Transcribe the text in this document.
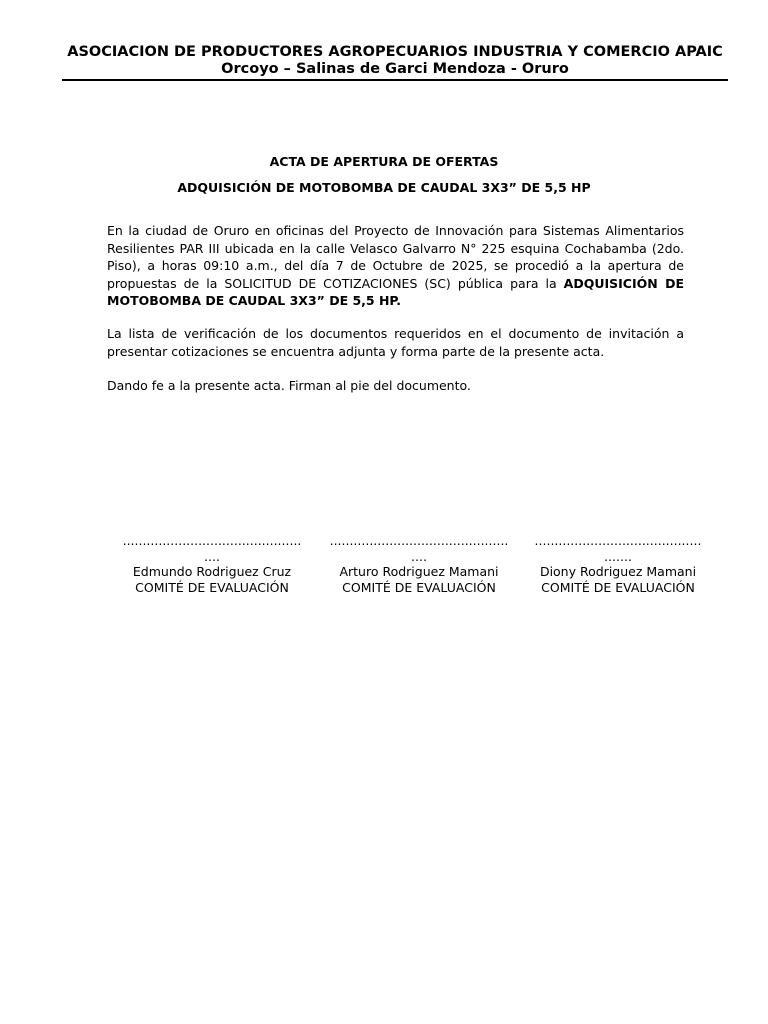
ASOCIACION DE PRODUCTORES AGROPECUARIOS INDUSTRIA Y COMERCIO APAIC
Orcoyo – Salinas de Garci Mendoza - Oruro
ACTA DE APERTURA DE OFERTAS
ADQUISICIÓN DE MOTOBOMBA DE CAUDAL 3X3” DE 5,5 HP

En la ciudad de Oruro en oficinas del Proyecto de Innovación para Sistemas Alimentarios Resilientes PAR III ubicada en la calle Velasco Galvarro N° 225 esquina Cochabamba (2do. Piso), a horas 09:10 a.m., del día 7 de Octubre de 2025, se procedió a la apertura de propuestas de la SOLICITUD DE COTIZACIONES (SC) pública para la ADQUISICIÓN DE MOTOBOMBA DE CAUDAL 3X3” DE 5,5 HP.

La lista de verificación de los documentos requeridos en el documento de invitación a presentar cotizaciones se encuentra adjunta y forma parte de la presente acta.

Dando fe a la presente acta. Firman al pie del documento.

.............................................
....
Edmundo Rodriguez Cruz
COMITÉ DE EVALUACIÓN
.............................................
....
Arturo Rodriguez Mamani
COMITÉ DE EVALUACIÓN
..........................................
.......
Diony Rodriguez Mamani
COMITÉ DE EVALUACIÓN
